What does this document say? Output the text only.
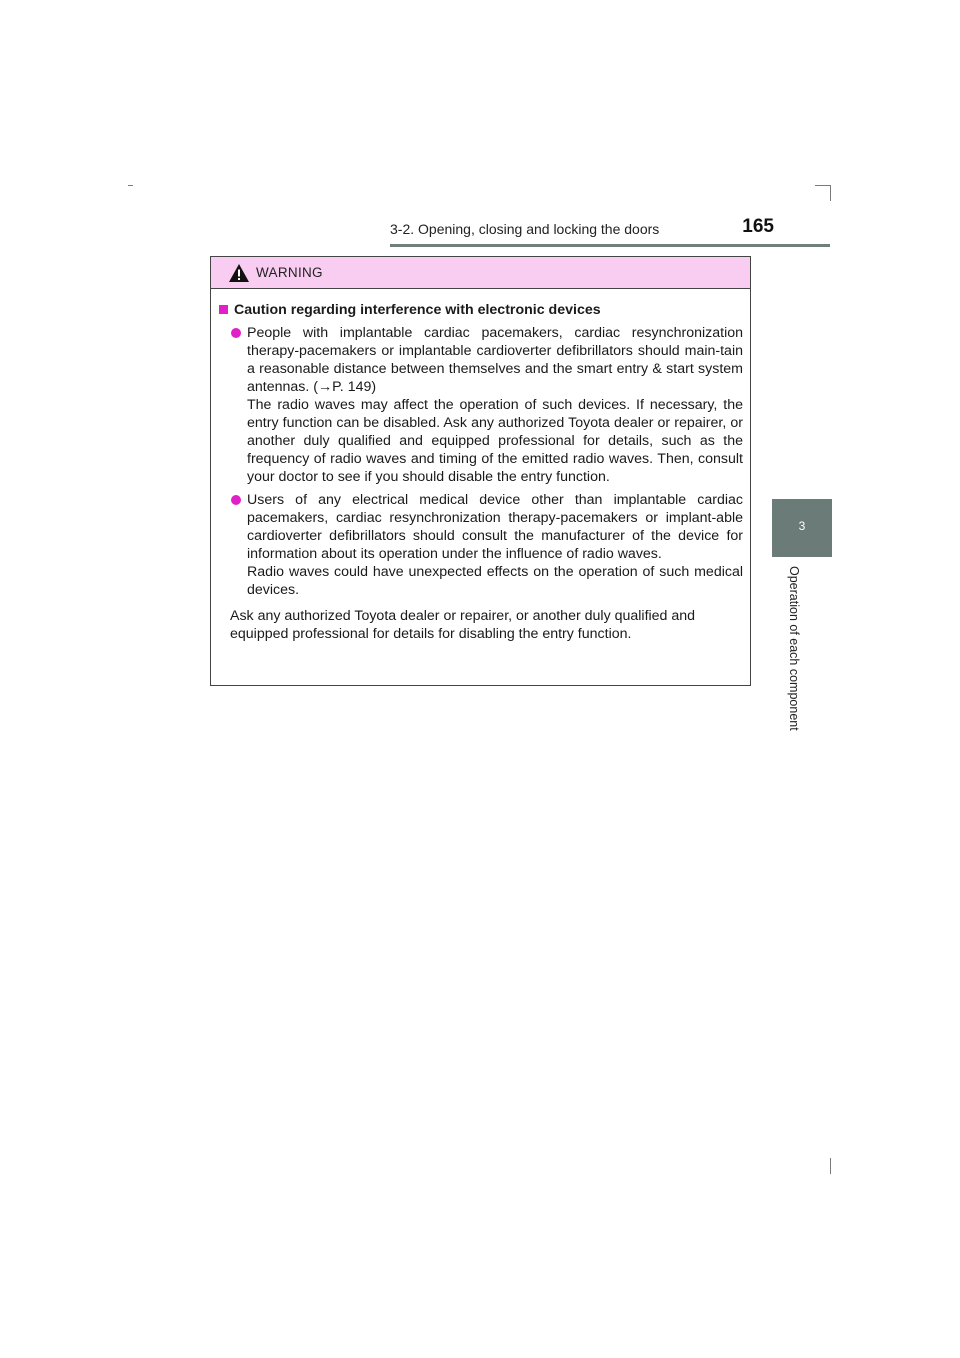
3-2. Opening, closing and locking the doors	165
3
Operation of each component
WARNING
Caution regarding interference with electronic devices

People with implantable cardiac pacemakers, cardiac resynchronization therapy-pacemakers or implantable cardioverter defibrillators should main-tain a reasonable distance between themselves and the smart entry & start system antennas. (→P. 149)

The radio waves may affect the operation of such devices. If necessary, the entry function can be disabled. Ask any authorized Toyota dealer or repairer, or another duly qualified and equipped professional for details, such as the frequency of radio waves and timing of the emitted radio waves. Then, consult your doctor to see if you should disable the entry function.

Users of any electrical medical device other than implantable cardiac pacemakers, cardiac resynchronization therapy-pacemakers or implant-able cardioverter defibrillators should consult the manufacturer of the device for information about its operation under the influence of radio waves.

Radio waves could have unexpected effects on the operation of such medical devices.

Ask any authorized Toyota dealer or repairer, or another duly qualified and

equipped professional for details for disabling the entry function.
